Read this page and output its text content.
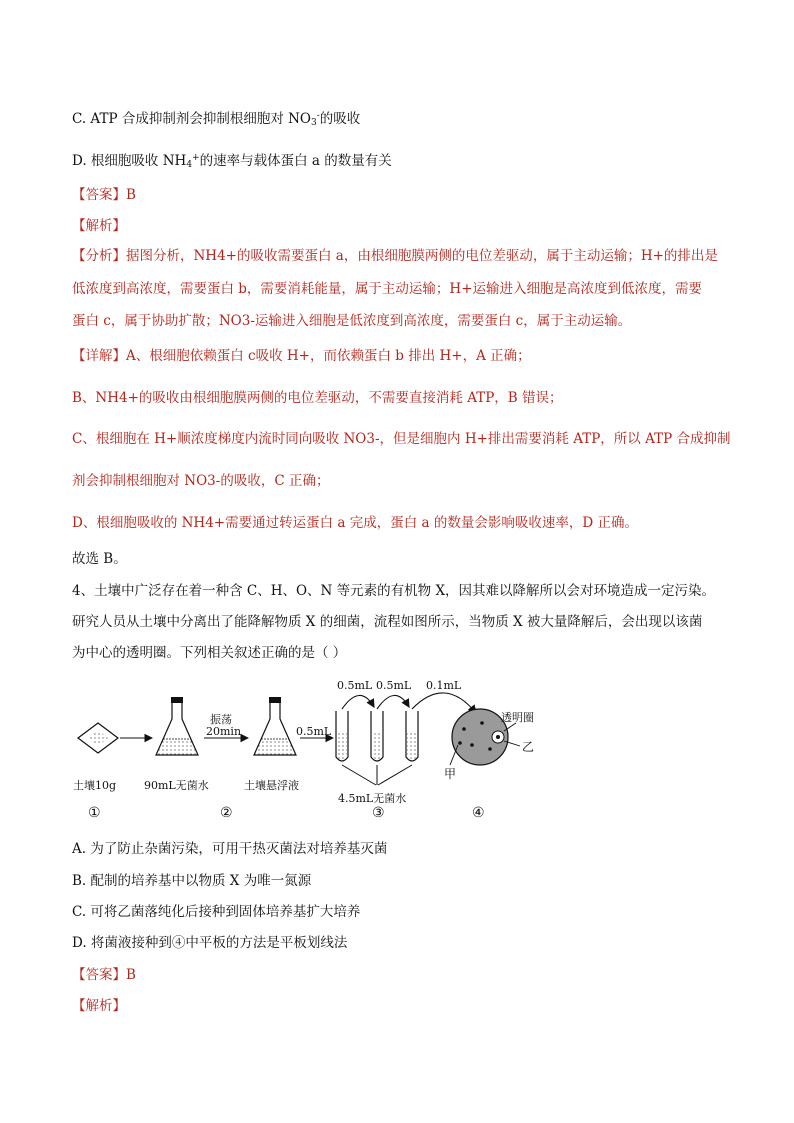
C. ATP 合成抑制剂会抑制根细胞对 $NO_3^-$的吸收
D. 根细胞吸收 $NH_4^+$的速率与载体蛋白 a 的数量有关
【答案】B
【解析】
【分析】据图分析，NH4+的吸收需要蛋白 a，由根细胞膜两侧的电位差驱动，属于主动运输；H+的排出是
低浓度到高浓度，需要蛋白 b，需要消耗能量，属于主动运输；H+运输进入细胞是高浓度到低浓度，需要
蛋白 c，属于协助扩散；NO3-运输进入细胞是低浓度到高浓度，需要蛋白 c，属于主动运输。
【详解】A、根细胞依赖蛋白 c吸收 H+，而依赖蛋白 b 排出 H+，A 正确；
B、NH4+的吸收由根细胞膜两侧的电位差驱动，不需要直接消耗 ATP，B 错误；
C、根细胞在 H+顺浓度梯度内流时同向吸收 NO3-，但是细胞内 H+排出需要消耗 ATP，所以 ATP 合成抑制
剂会抑制根细胞对 NO3-的吸收，C 正确；
D、根细胞吸收的 NH4+需要通过转运蛋白 a 完成，蛋白 a 的数量会影响吸收速率，D 正确。
故选 B。
4、土壤中广泛存在着一种含 C、H、O、N 等元素的有机物 X，因其难以降解所以会对环境造成一定污染。
研究人员从土壤中分离出了能降解物质 X 的细菌，流程如图所示，当物质 X 被大量降解后，会出现以该菌
为中心的透明圈。下列相关叙述正确的是（ ）
振荡
20min	0.5mL
0.5mL 0.5mL 0.1mL
4.5mL无菌水
透明圈
乙
甲
土壤10g	90mL无菌水	土壤悬浮液
①	②	③	④
A. 为了防止杂菌污染，可用干热灭菌法对培养基灭菌
B. 配制的培养基中以物质 X 为唯一氮源
C. 可将乙菌落纯化后接种到固体培养基扩大培养
D. 将菌液接种到④中平板的方法是平板划线法
【答案】B
【解析】
